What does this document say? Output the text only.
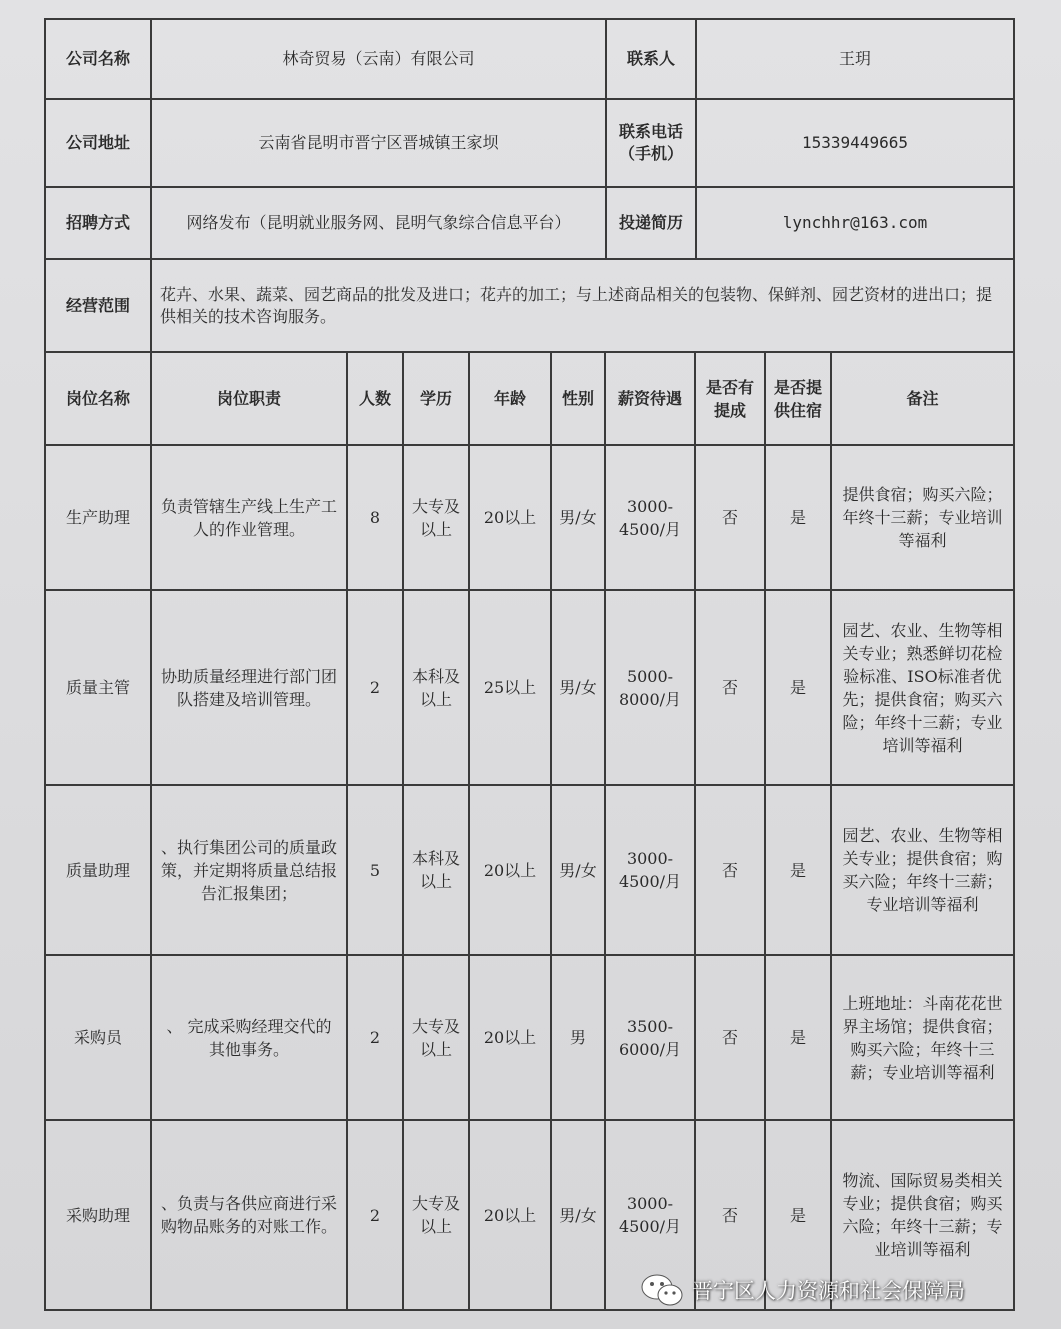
公司名称	林奇贸易（云南）有限公司	联系人	王玥
公司地址	云南省昆明市晋宁区晋城镇王家坝	联系电话（手机）	15339449665
招聘方式	网络发布（昆明就业服务网、昆明气象综合信息平台）	投递简历	lynchhr@163.com
经营范围	花卉、水果、蔬菜、园艺商品的批发及进口；花卉的加工；与上述商品相关的包装物、保鲜剂、园艺资材的进出口；提供相关的技术咨询服务。		
岗位名称	岗位职责	人数	学历	年龄	性别	薪资待遇	是否有提成	是否提供住宿	备注
生产助理	负责管辖生产线上生产工人的作业管理。	8	大专及以上	20以上	男/女	3000-4500/月	否	是	提供食宿；购买六险；年终十三薪；专业培训等福利
质量主管	协助质量经理进行部门团队搭建及培训管理。	2	本科及以上	25以上	男/女	5000-8000/月	否	是	园艺、农业、生物等相关专业；熟悉鲜切花检验标准、ISO标准者优先；提供食宿；购买六险；年终十三薪；专业培训等福利
质量助理	、执行集团公司的质量政策，并定期将质量总结报告汇报集团；	5	本科及以上	20以上	男/女	3000-4500/月	否	是	园艺、农业、生物等相关专业；提供食宿；购买六险；年终十三薪；专业培训等福利
采购员	、 完成采购经理交代的其他事务。	2	大专及以上	20以上	男	3500-6000/月	否	是	上班地址：斗南花花世界主场馆；提供食宿；购买六险；年终十三薪；专业培训等福利
采购助理	、负责与各供应商进行采购物品账务的对账工作。	2	大专及以上	20以上	男/女	3000-4500/月	否	是	物流、国际贸易类相关专业；提供食宿；购买六险；年终十三薪；专业培训等福利
晋宁区人力资源和社会保障局
